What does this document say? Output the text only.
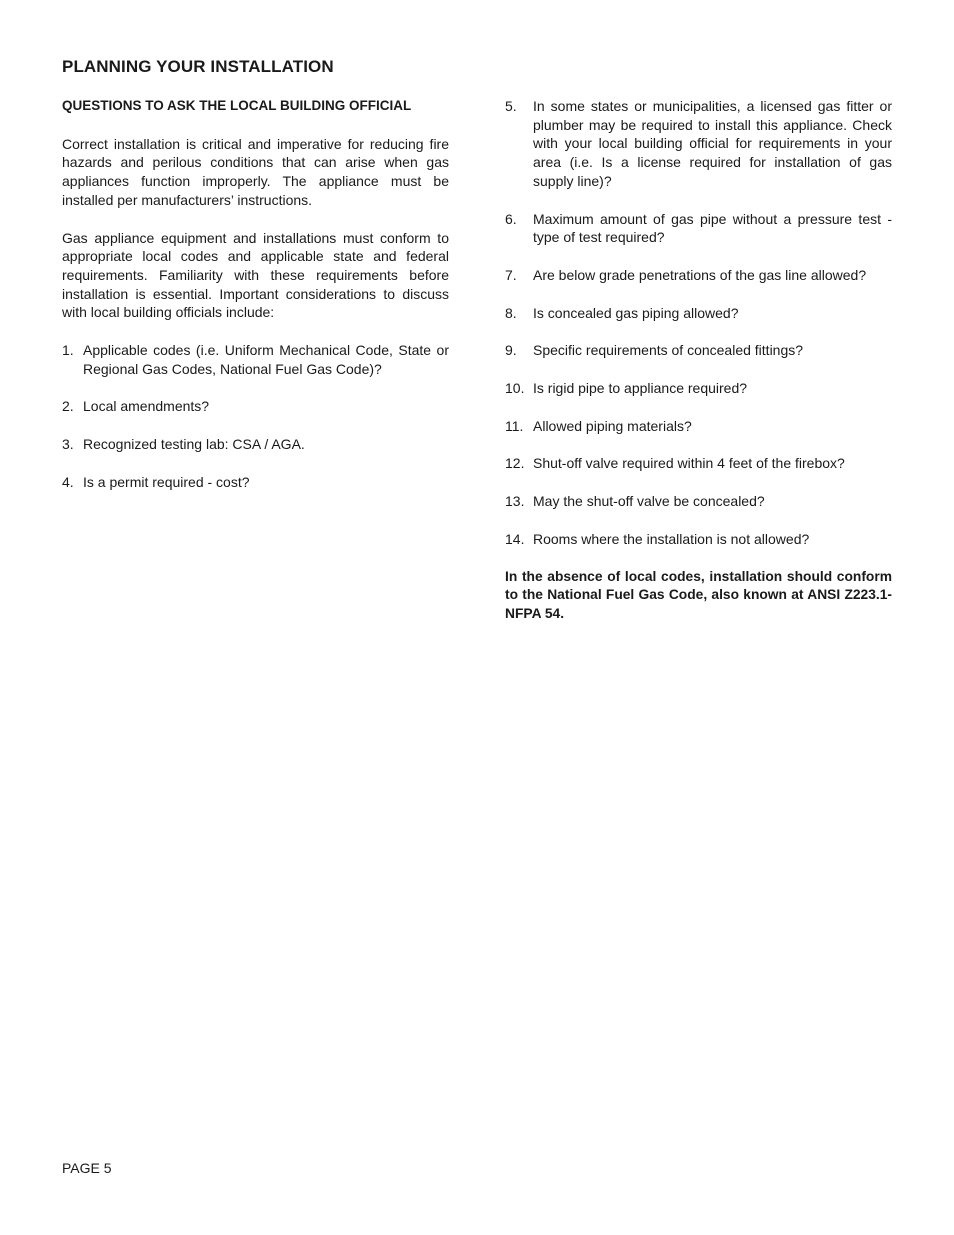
PLANNING YOUR INSTALLATION
QUESTIONS TO ASK THE LOCAL BUILDING OFFICIAL

Correct installation is critical and imperative for reducing fire hazards and perilous conditions that can arise when gas appliances function improperly. The appliance must be installed per manufacturers’ instructions.

Gas appliance equipment and installations must conform to appropriate local codes and applicable state and federal requirements. Familiarity with these requirements before installation is essential. Important considerations to discuss with local building officials include:

1. Applicable codes (i.e. Uniform Mechanical Code, State or Regional Gas Codes, National Fuel Gas Code)?
2. Local amendments?
3. Recognized testing lab: CSA / AGA.
4. Is a permit required - cost?
5.	In some states or municipalities, a licensed gas fitter or plumber may be required to install this appliance. Check with your local building official for requirements in your area (i.e. Is a license required for installation of gas supply line)?
6.	Maximum amount of gas pipe without a pressure test - type of test required?
7.	Are below grade penetrations of the gas line allowed?
8.	Is concealed gas piping allowed?
9.	Specific requirements of concealed fittings?
10. Is rigid pipe to appliance required?
11. Allowed piping materials?
12. Shut-off valve required within 4 feet of the firebox?
13. May the shut-off valve be concealed?
14. Rooms where the installation is not allowed?

In the absence of local codes, installation should conform to the National Fuel Gas Code, also known at ANSI Z223.1-NFPA 54.

PAGE 5
